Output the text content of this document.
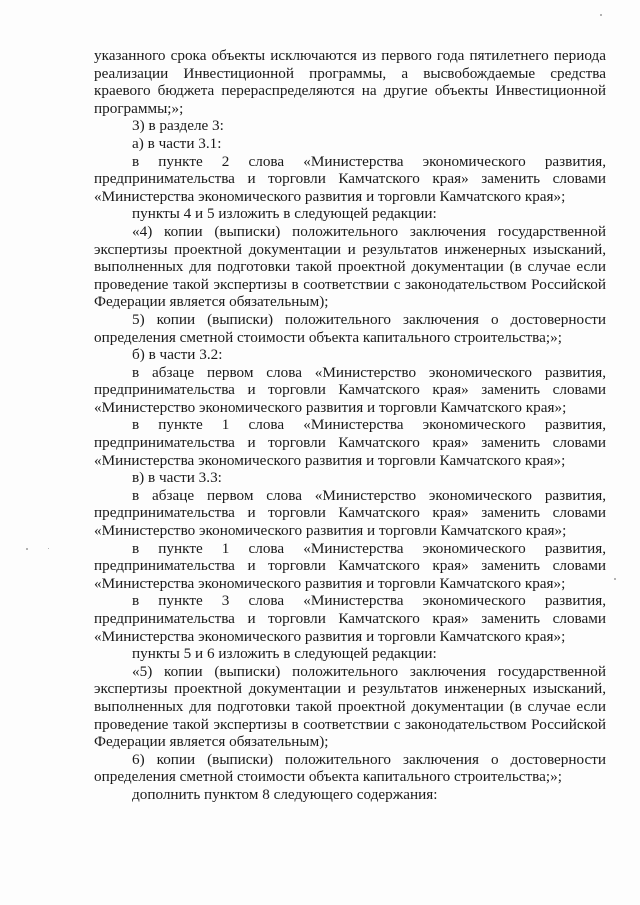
указанного срока объекты исключаются из первого года пятилетнего периода реализации Инвестиционной программы, а высвобождаемые средства краевого бюджета перераспределяются на другие объекты Инвестиционной программы;»;

3) в разделе 3:

а) в части 3.1:

в пункте 2 слова «Министерства экономического развития, предпринимательства и торговли Камчатского края» заменить словами «Министерства экономического развития и торговли Камчатского края»;

пункты 4 и 5 изложить в следующей редакции:

«4) копии (выписки) положительного заключения государственной экспертизы проектной документации и результатов инженерных изысканий, выполненных для подготовки такой проектной документации (в случае если проведение такой экспертизы в соответствии с законодательством Российской Федерации является обязательным);

5) копии (выписки) положительного заключения о достоверности определения сметной стоимости объекта капитального строительства;»;

б) в части 3.2:

в абзаце первом слова «Министерство экономического развития, предпринимательства и торговли Камчатского края» заменить словами «Министерство экономического развития и торговли Камчатского края»;

в пункте 1 слова «Министерства экономического развития, предпринимательства и торговли Камчатского края» заменить словами «Министерства экономического развития и торговли Камчатского края»;

в) в части 3.3:

в абзаце первом слова «Министерство экономического развития, предпринимательства и торговли Камчатского края» заменить словами «Министерство экономического развития и торговли Камчатского края»;

в пункте 1 слова «Министерства экономического развития, предпринимательства и торговли Камчатского края» заменить словами «Министерства экономического развития и торговли Камчатского края»;

в пункте 3 слова «Министерства экономического развития, предпринимательства и торговли Камчатского края» заменить словами «Министерства экономического развития и торговли Камчатского края»;

пункты 5 и 6 изложить в следующей редакции:

«5) копии (выписки) положительного заключения государственной экспертизы проектной документации и результатов инженерных изысканий, выполненных для подготовки такой проектной документации (в случае если проведение такой экспертизы в соответствии с законодательством Российской Федерации является обязательным);

6) копии (выписки) положительного заключения о достоверности определения сметной стоимости объекта капитального строительства;»;

дополнить пунктом 8 следующего содержания:
